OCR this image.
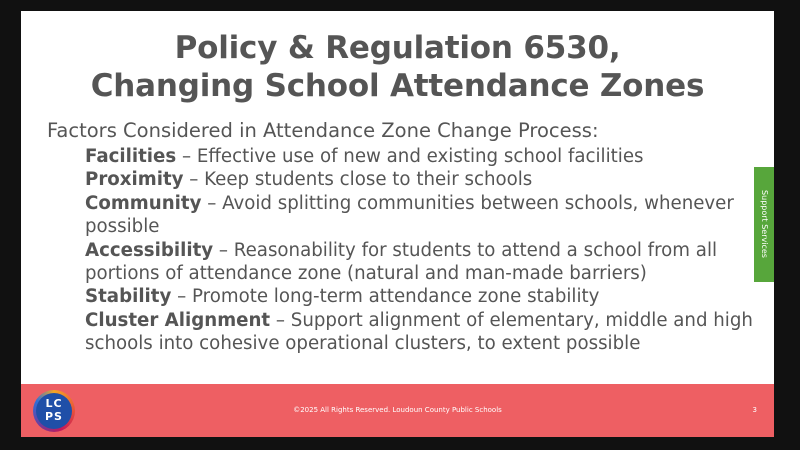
Policy & Regulation 6530,
Changing School Attendance Zones
Factors Considered in Attendance Zone Change Process:
Facilities – Effective use of new and existing school facilities
Proximity – Keep students close to their schools
Community – Avoid splitting communities between schools, whenever possible
Accessibility – Reasonability for students to attend a school from all portions of attendance zone (natural and man-made barriers)
Stability – Promote long-term attendance zone stability
Cluster Alignment – Support alignment of elementary, middle and high schools into cohesive operational clusters, to extent possible
LC
PS	©2025 All Rights Reserved. Loudoun County Public Schools	3
Support Services
